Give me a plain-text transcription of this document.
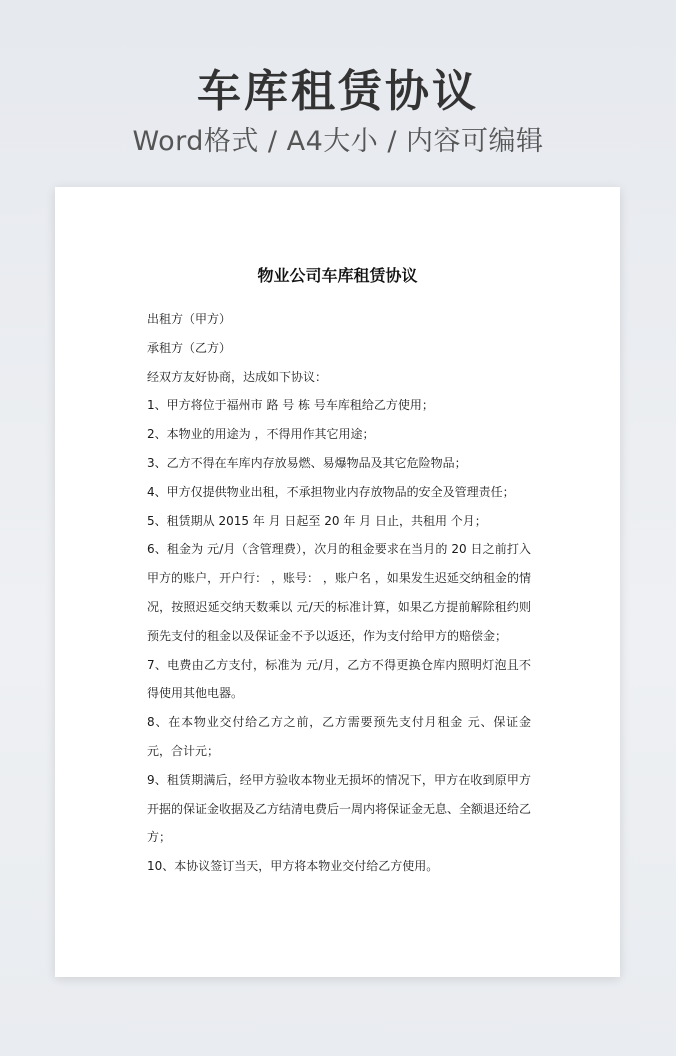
车库租赁协议
Word格式 / A4大小 / 内容可编辑
物业公司车库租赁协议

出租方（甲方）

承租方（乙方）

经双方友好协商，达成如下协议：

1、甲方将位于福州市 路 号 栋 号车库租给乙方使用；

2、本物业的用途为 ，不得用作其它用途；

3、乙方不得在车库内存放易燃、易爆物品及其它危险物品；

4、甲方仅提供物业出租，不承担物业内存放物品的安全及管理责任；

5、租赁期从 2015 年 月 日起至 20 年 月 日止，共租用 个月；

6、租金为 元/月（含管理费），次月的租金要求在当月的 20 日之前打入甲方的账户，开户行： ，账号： ，账户名 ，如果发生迟延交纳租金的情况，按照迟延交纳天数乘以 元/天的标准计算，如果乙方提前解除租约则预先支付的租金以及保证金不予以返还，作为支付给甲方的赔偿金；

7、电费由乙方支付，标准为 元/月，乙方不得更换仓库内照明灯泡且不得使用其他电器。

8、在本物业交付给乙方之前，乙方需要预先支付月租金 元、保证金 元，合计元；

9、租赁期满后，经甲方验收本物业无损坏的情况下，甲方在收到原甲方开据的保证金收据及乙方结清电费后一周内将保证金无息、全额退还给乙方；

10、本协议签订当天，甲方将本物业交付给乙方使用。
